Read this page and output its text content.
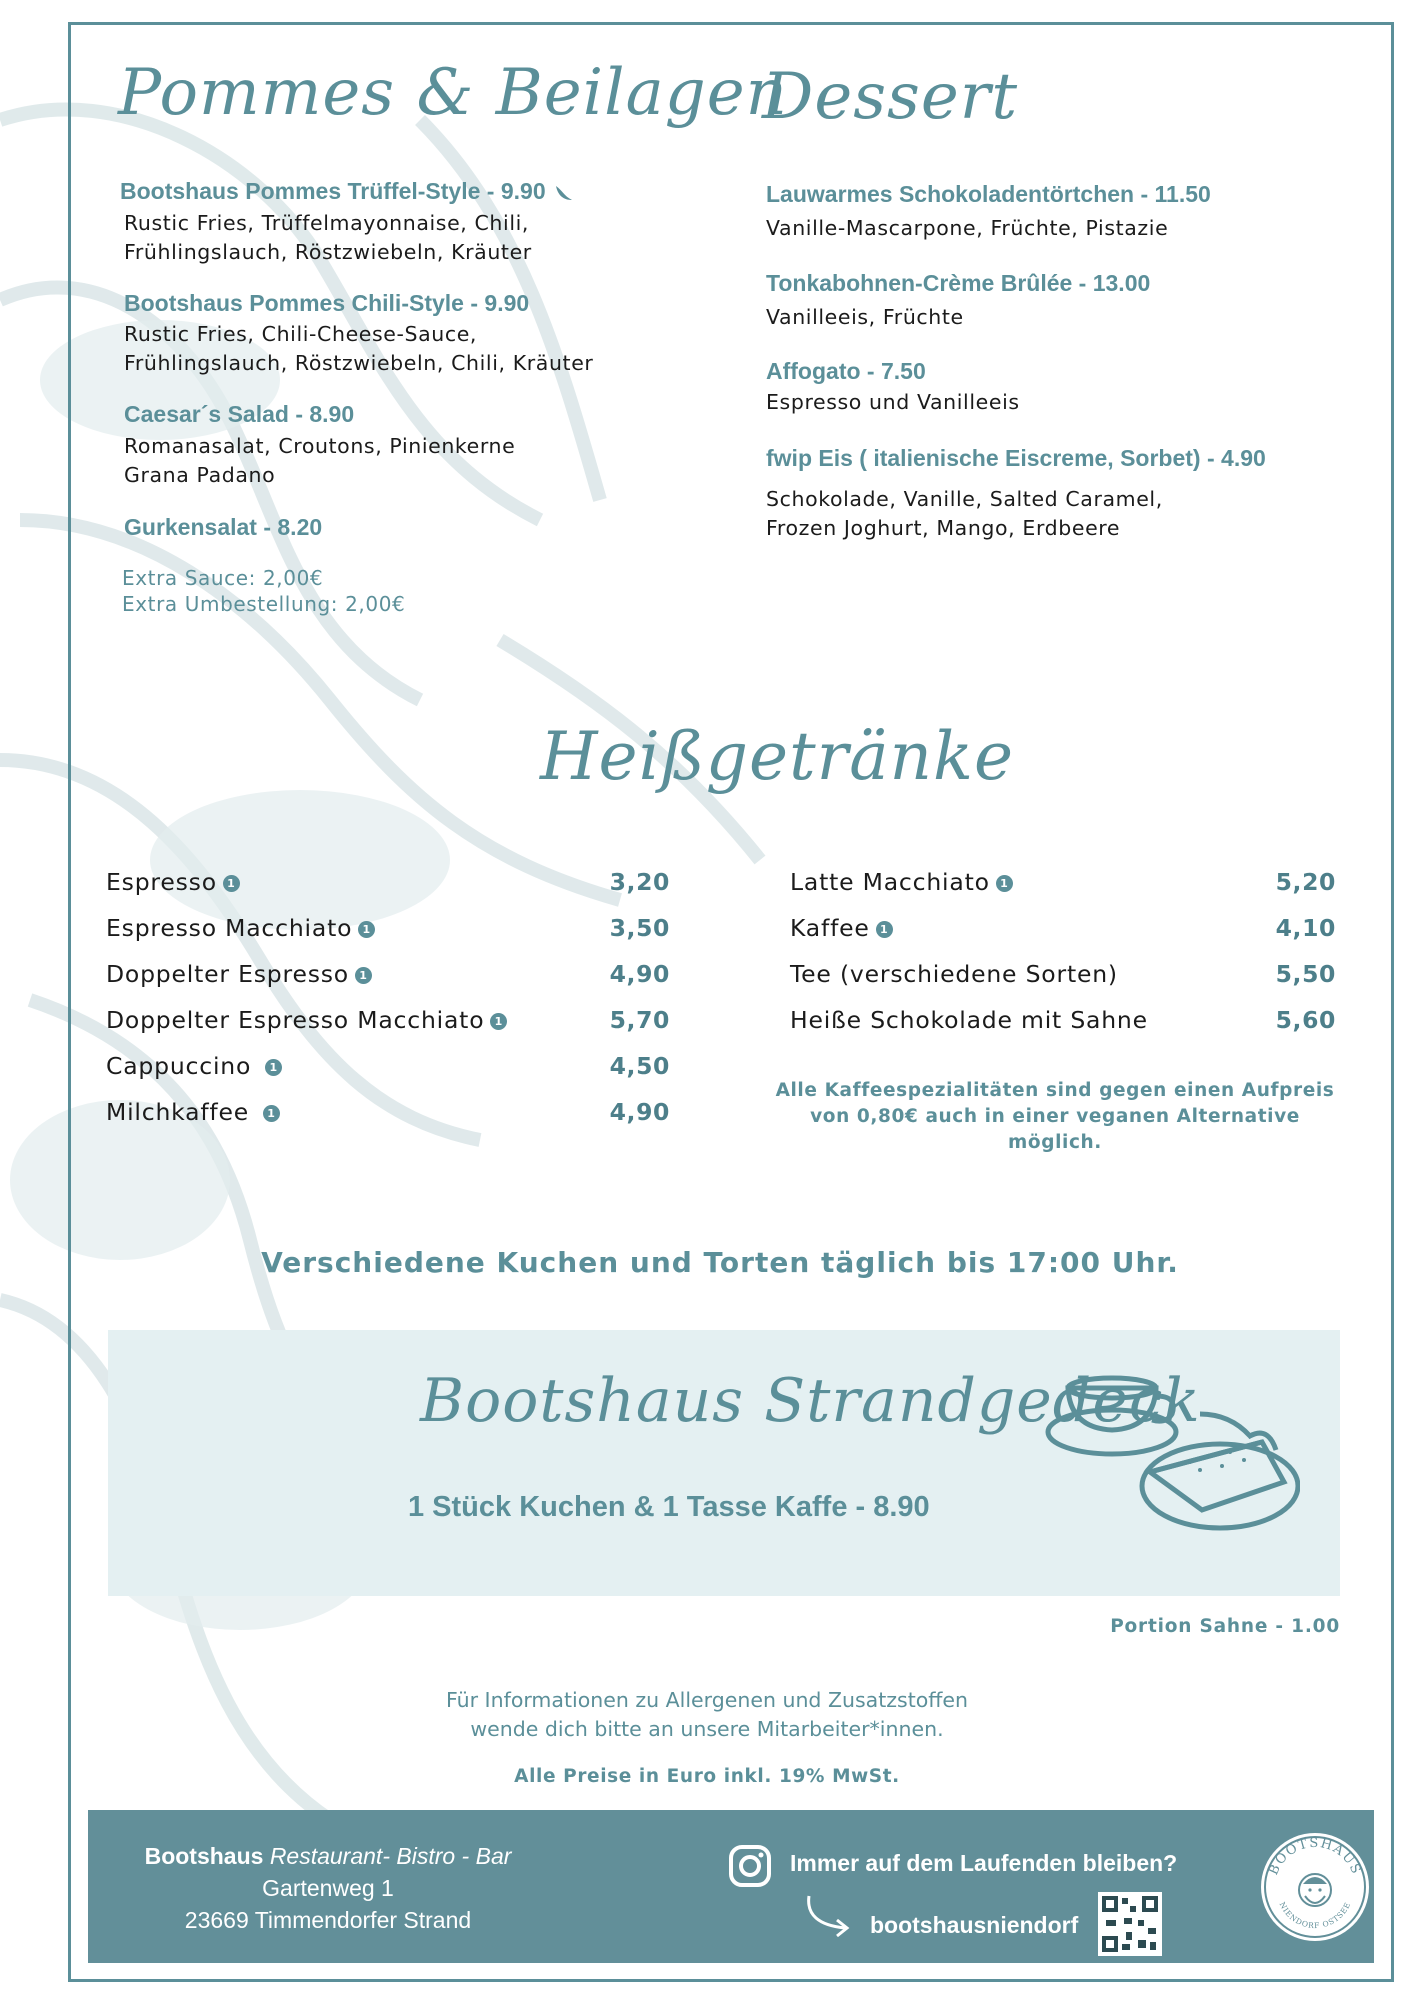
Pommes & Beilagen
Bootshaus Pommes Trüffel-Style - 9.90
Rustic Fries, Trüffelmayonnaise, Chili,
Frühlingslauch, Röstzwiebeln, Kräuter
Bootshaus Pommes Chili-Style - 9.90
Rustic Fries, Chili-Cheese-Sauce,
Frühlingslauch, Röstzwiebeln, Chili, Kräuter
Caesar´s Salad - 8.90
Romanasalat, Croutons, Pinienkerne
Grana Padano
Gurkensalat - 8.20
Extra Sauce: 2,00€
Extra Umbestellung: 2,00€
Dessert
Lauwarmes Schokoladentörtchen - 11.50
Vanille-Mascarpone, Früchte, Pistazie
Tonkabohnen-Crème Brûlée - 13.00
Vanilleeis, Früchte
Affogato - 7.50
Espresso und Vanilleeis
fwip Eis ( italienische Eiscreme, Sorbet) - 4.90
Schokolade, Vanille, Salted Caramel,
Frozen Joghurt, Mango, Erdbeere
Heißgetränke
Espresso 1	3,20
Espresso Macchiato 1	3,50
Doppelter Espresso 1	4,90
Doppelter Espresso Macchiato 1	5,70
Cappuccino 1	4,50
Milchkaffee 1	4,90
Latte Macchiato 1	5,20
Kaffee 1	4,10
Tee (verschiedene Sorten)	5,50
Heiße Schokolade mit Sahne	5,60
Alle Kaffeespezialitäten sind gegen einen Aufpreis
von 0,80€ auch in einer veganen Alternative möglich.
Verschiedene Kuchen und Torten täglich bis 17:00 Uhr.
Bootshaus Strandgedeck
1 Stück Kuchen & 1 Tasse Kaffe - 8.90
Portion Sahne - 1.00
Für Informationen zu Allergenen und Zusatzstoffen
wende dich bitte an unsere Mitarbeiter*innen.
Alle Preise in Euro inkl. 19% MwSt.
Bootshaus Restaurant- Bistro - Bar
Gartenweg 1
23669 Timmendorfer Strand
Immer auf dem Laufenden bleiben?
bootshausniendorf
BOOTSHAUS
NIENDORF OSTSEE
